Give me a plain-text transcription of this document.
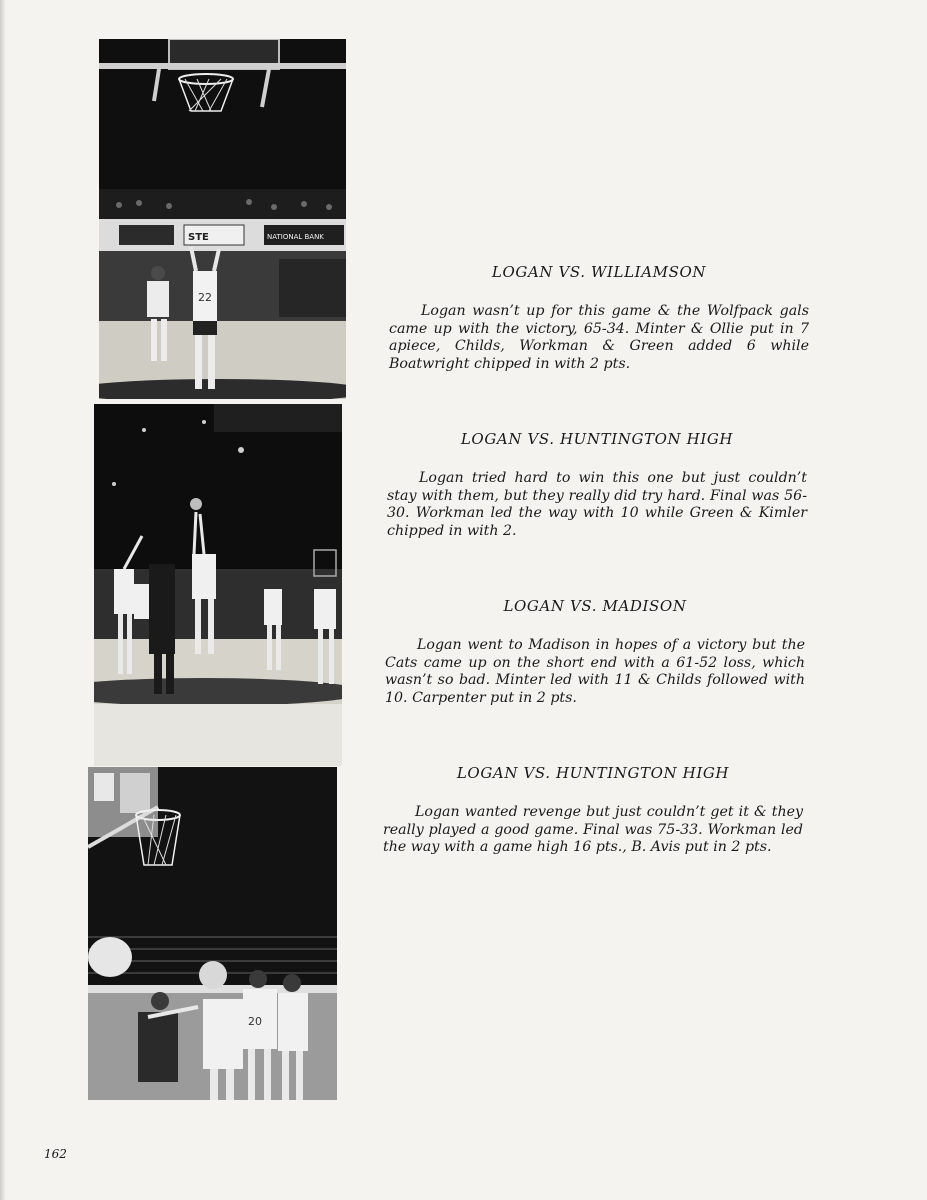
STE	NATIONAL BANK
22
20
LOGAN VS. WILLIAMSON

Logan wasn’t up for this game & the Wolfpack gals came up with the victory, 65-34. Minter & Ollie put in 7 apiece, Childs, Workman & Green added 6 while Boatwright chipped in with 2 pts.

LOGAN VS. HUNTINGTON HIGH

Logan tried hard to win this one but just couldn’t stay with them, but they really did try hard. Final was 56-30. Workman led the way with 10 while Green & Kimler chipped in with 2.

LOGAN VS. MADISON

Logan went to Madison in hopes of a victory but the Cats came up on the short end with a 61-52 loss, which wasn’t so bad. Minter led with 11 & Childs followed with 10. Carpenter put in 2 pts.

LOGAN VS. HUNTINGTON HIGH

Logan wanted revenge but just couldn’t get it & they really played a good game. Final was 75-33. Workman led the way with a game high 16 pts., B. Avis put in 2 pts.

162
